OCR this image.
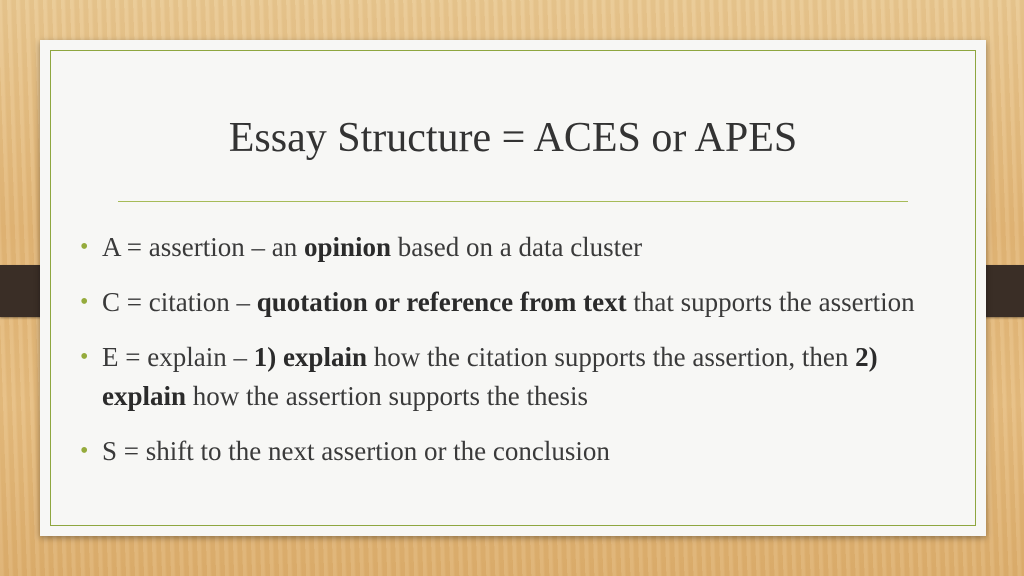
Essay Structure = ACES or APES
• A = assertion – an opinion based on a data cluster
• C = citation – quotation or reference from text that supports the assertion
• E = explain – 1) explain how the citation supports the assertion, then 2) explain how the assertion supports the thesis
• S = shift to the next assertion or the conclusion
